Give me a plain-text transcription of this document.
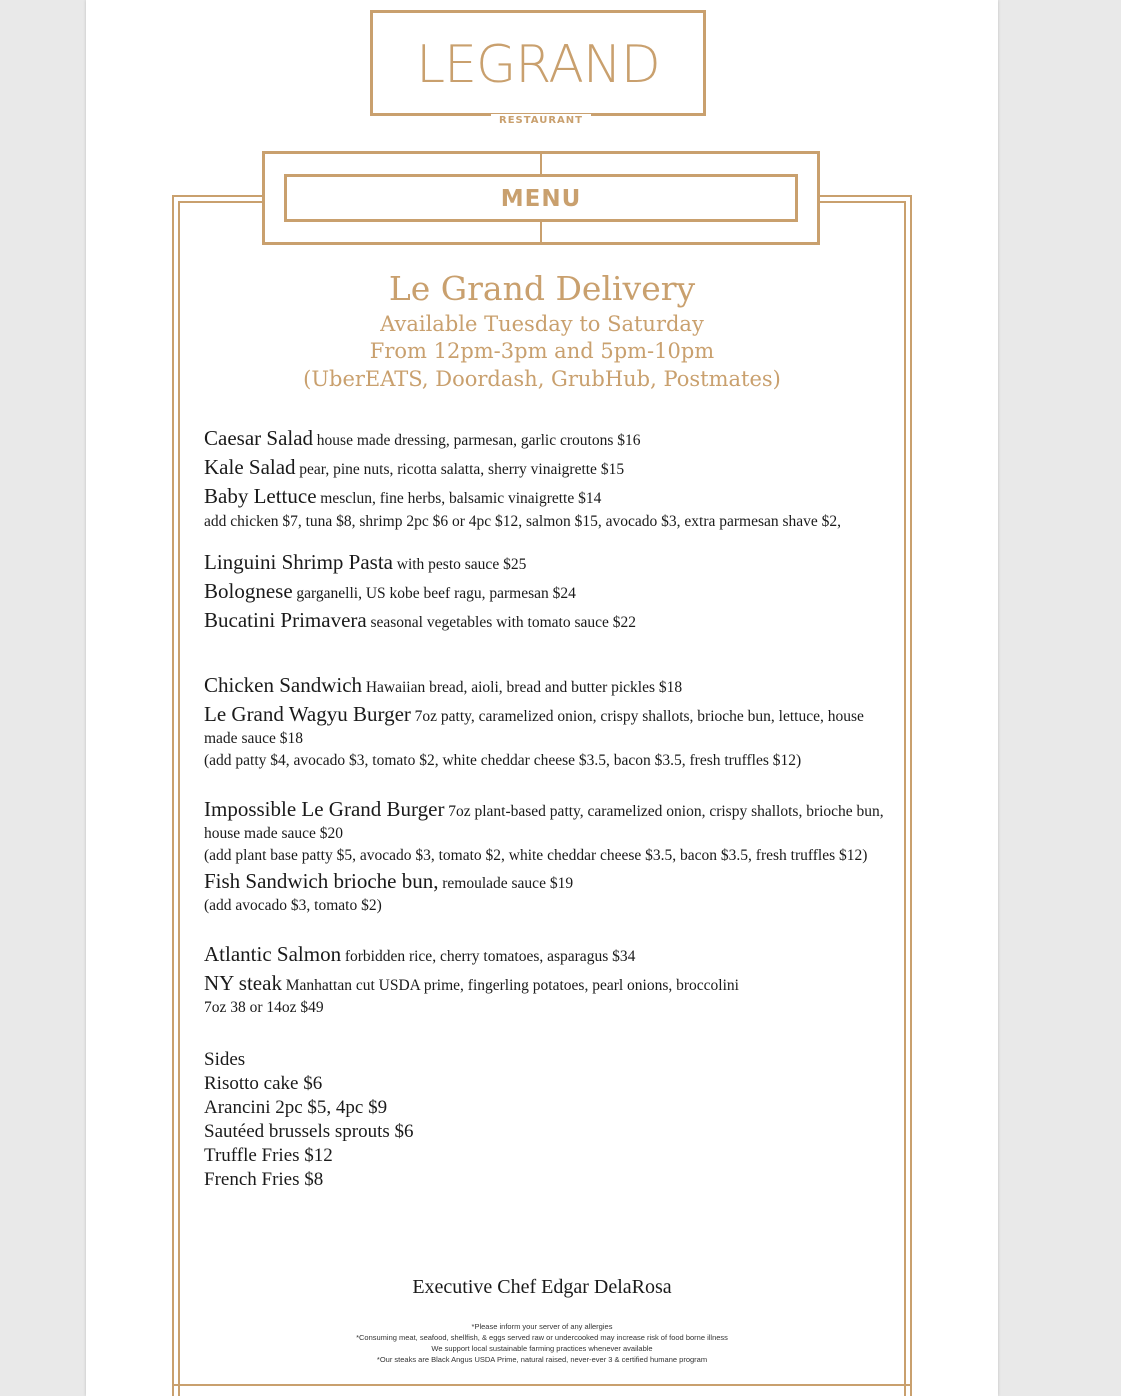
LEGRAND
RESTAURANT
MENU
Le Grand Delivery
Available Tuesday to Saturday
From 12pm-3pm and 5pm-10pm
(UberEATS, Doordash, GrubHub, Postmates)
Caesar Salad house made dressing, parmesan, garlic croutons $16
Kale Salad pear, pine nuts, ricotta salatta, sherry vinaigrette $15
Baby Lettuce mesclun, fine herbs, balsamic vinaigrette $14
add chicken $7, tuna $8, shrimp 2pc $6 or 4pc $12, salmon $15, avocado $3, extra parmesan shave $2,
Linguini Shrimp Pasta with pesto sauce $25
Bolognese garganelli, US kobe beef ragu, parmesan $24
Bucatini Primavera seasonal vegetables with tomato sauce $22
Chicken Sandwich Hawaiian bread, aioli, bread and butter pickles $18
Le Grand Wagyu Burger 7oz patty, caramelized onion, crispy shallots, brioche bun, lettuce, house made sauce $18
(add patty $4, avocado $3, tomato $2, white cheddar cheese $3.5, bacon $3.5, fresh truffles $12)
Impossible Le Grand Burger 7oz plant-based patty, caramelized onion, crispy shallots, brioche bun, house made sauce $20
(add plant base patty $5, avocado $3, tomato $2, white cheddar cheese $3.5, bacon $3.5, fresh truffles $12)
Fish Sandwich brioche bun, remoulade sauce $19
(add avocado $3, tomato $2)
Atlantic Salmon forbidden rice, cherry tomatoes, asparagus $34
NY steak Manhattan cut USDA prime, fingerling potatoes, pearl onions, broccolini
7oz 38 or 14oz $49
Sides
Risotto cake $6
Arancini 2pc $5, 4pc $9
Sautéed brussels sprouts $6
Truffle Fries $12
French Fries $8
Executive Chef Edgar DelaRosa
*Please inform your server of any allergies
*Consuming meat, seafood, shellfish, & eggs served raw or undercooked may increase risk of food borne illness
We support local sustainable farming practices whenever available
*Our steaks are Black Angus USDA Prime, natural raised, never-ever 3 & certified humane program
